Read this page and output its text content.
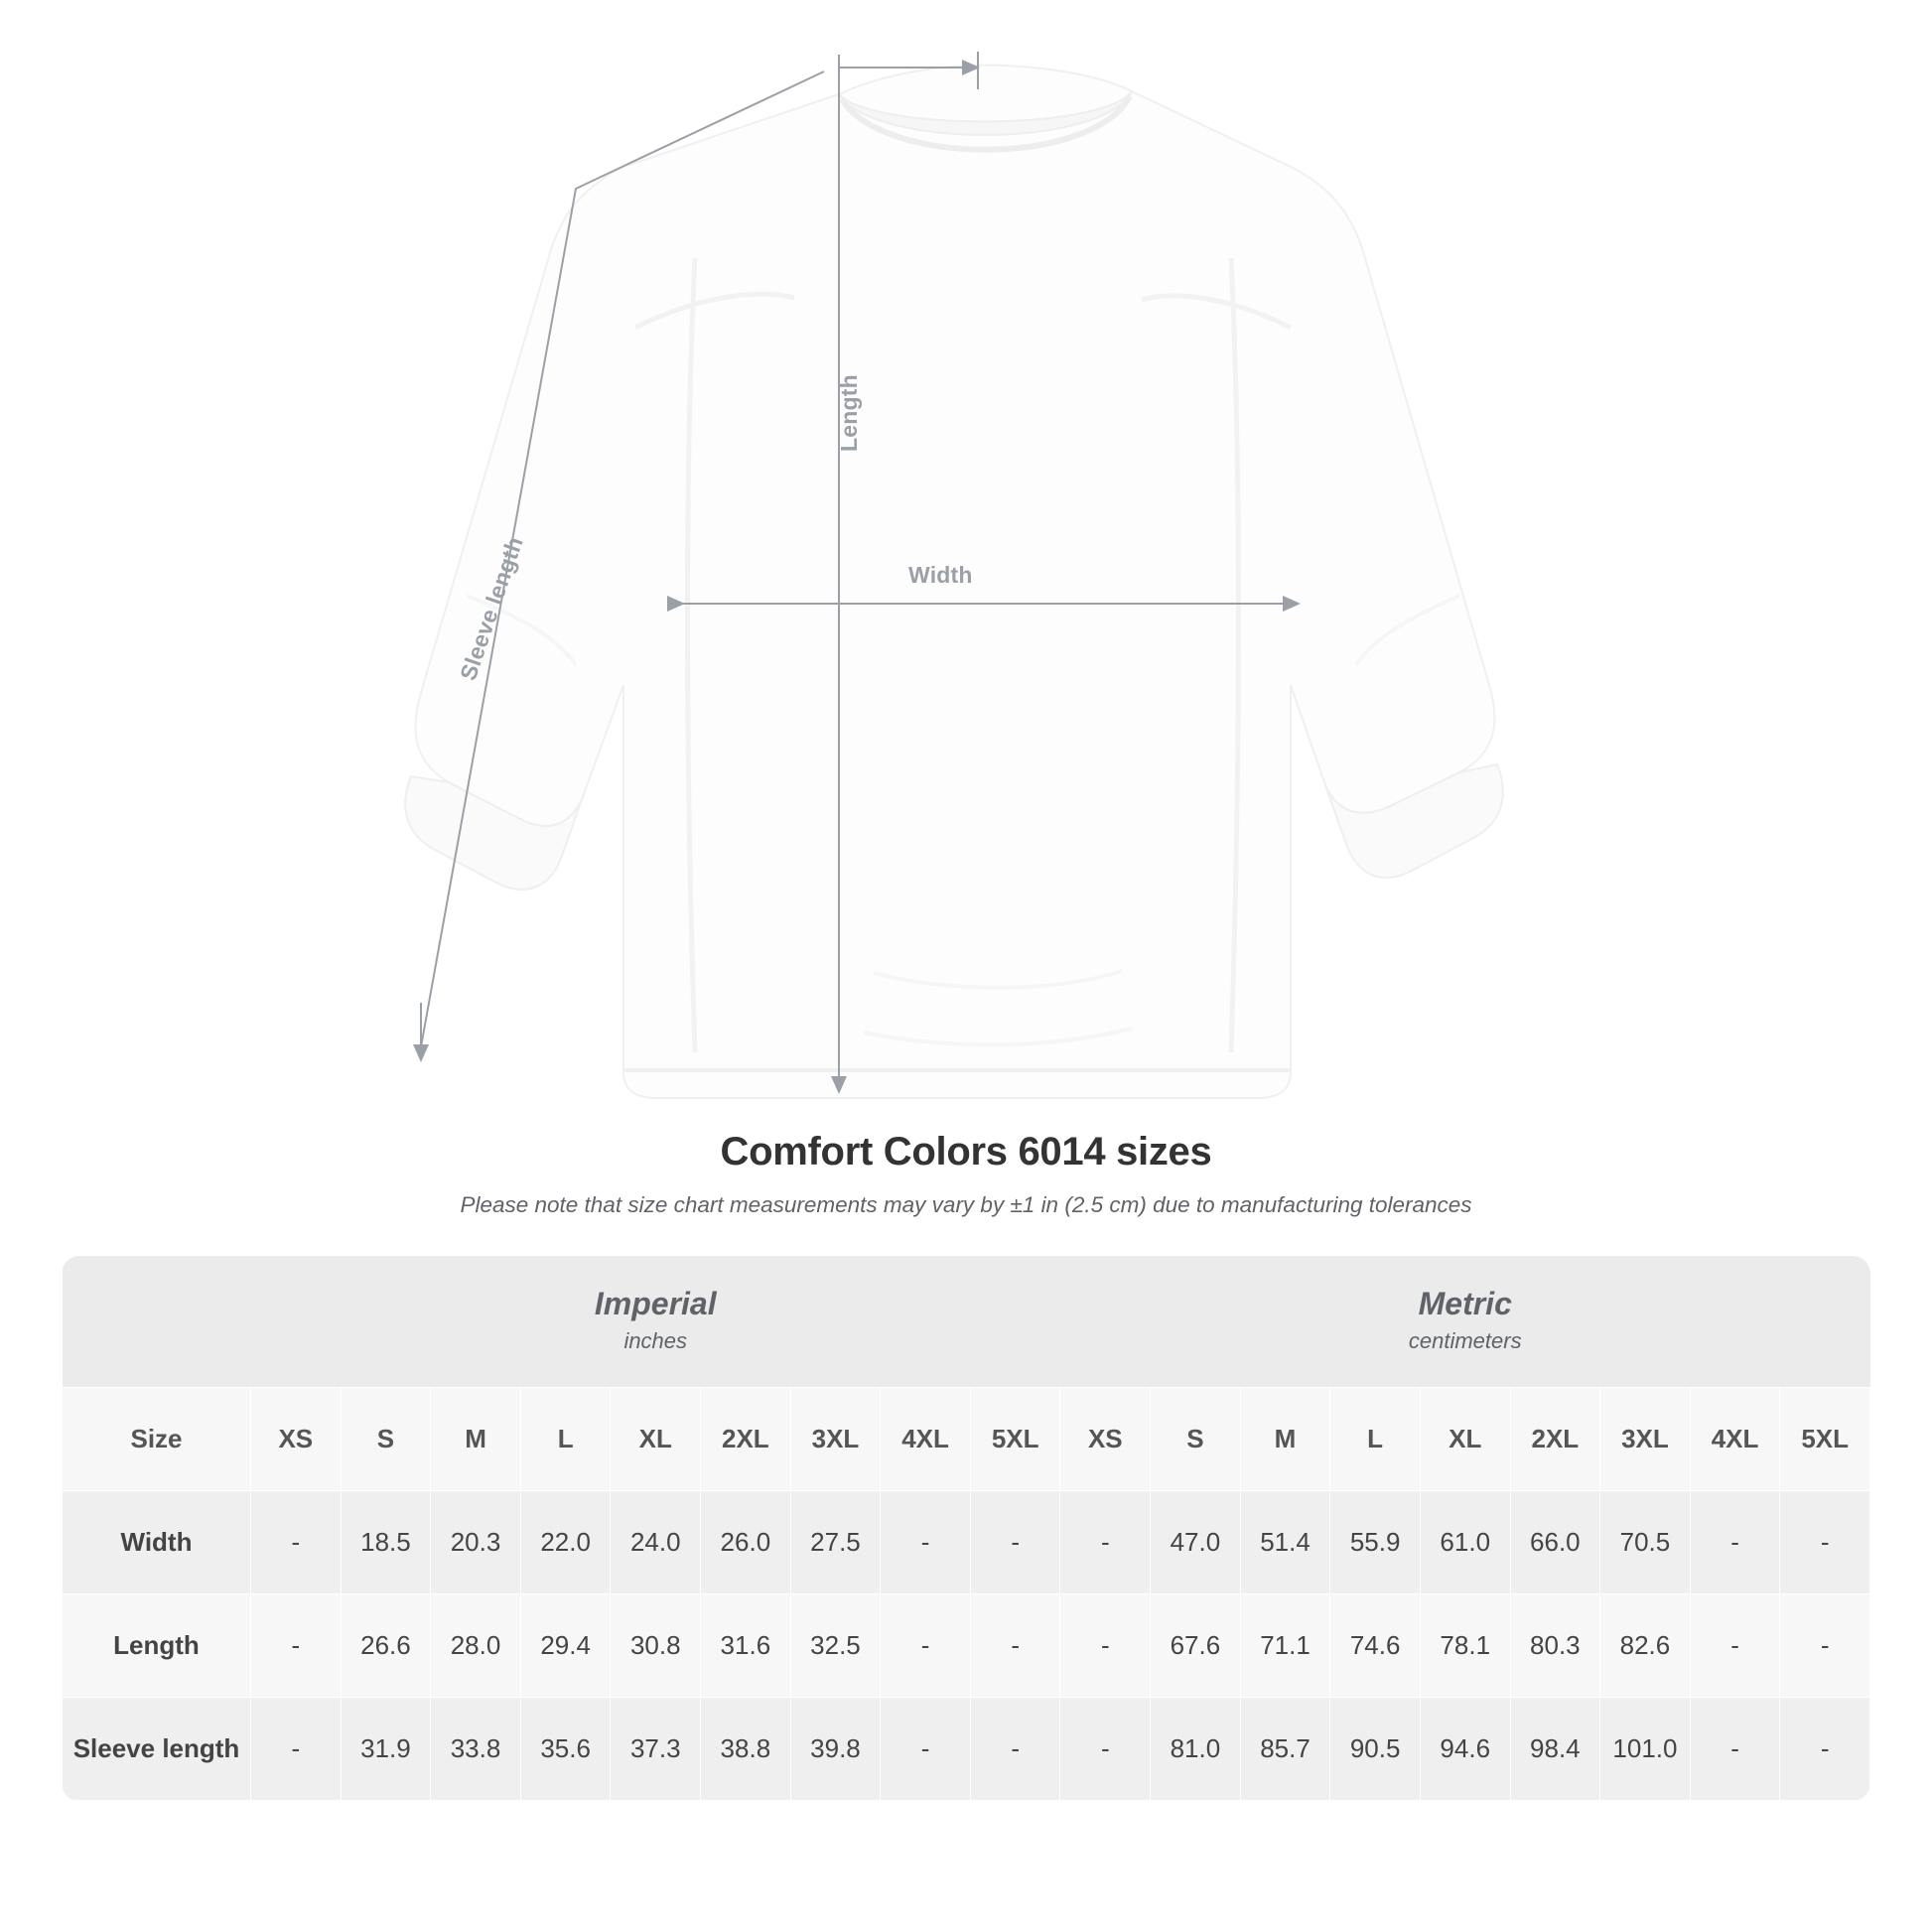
Length
Sleeve length	Width
Comfort Colors 6014 sizes
Please note that size chart measurements may vary by ±1 in (2.5 cm) due to manufacturing tolerances

Imperial
inches

Metric
centimeters

Size	XS	S	M	L	XL	2XL	3XL	4XL	5XL	XS	S	M	L	XL	2XL	3XL	4XL	5XL
Width	-	18.5	20.3	22.0	24.0	26.0	27.5	-	-	-	47.0	51.4	55.9	61.0	66.0	70.5	-	-
Length	-	26.6	28.0	29.4	30.8	31.6	32.5	-	-	-	67.6	71.1	74.6	78.1	80.3	82.6	-	-
Sleeve length	-	31.9	33.8	35.6	37.3	38.8	39.8	-	-	-	81.0	85.7	90.5	94.6	98.4	101.0	-	-
